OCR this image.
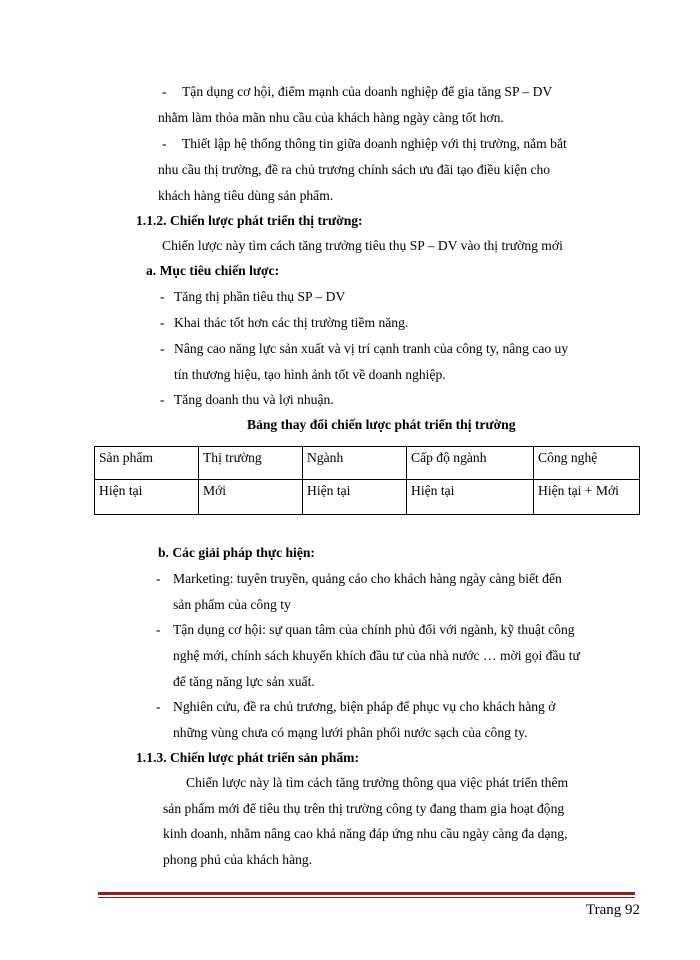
- Tận dụng cơ hội, điểm mạnh của doanh nghiệp để gia tăng SP – DV
nhằm làm thỏa mãn nhu cầu của khách hàng ngày càng tốt hơn.
- Thiết lập hệ thống thông tin giữa doanh nghiệp với thị trường, nắm bắt
nhu cầu thị trường, đề ra chủ trương chính sách ưu đãi tạo điều kiện cho
khách hàng tiêu dùng sản phẩm.
1.1.2. Chiến lược phát triển thị trường:
Chiến lược này tìm cách tăng trưởng tiêu thụ SP – DV vào thị trường mới
a. Mục tiêu chiến lược:
- Tăng thị phần tiêu thụ SP – DV
- Khai thác tốt hơn các thị trường tiềm năng.
- Nâng cao năng lực sản xuất và vị trí cạnh tranh của công ty, nâng cao uy
tín thương hiệu, tạo hình ảnh tốt về doanh nghiệp.
- Tăng doanh thu và lợi nhuận.
Bảng thay đổi chiến lược phát triển thị trường
Sản phẩm	Thị trường	Ngành	Cấp độ ngành	Công nghệ
Hiện tại	Mới	Hiện tại	Hiện tại	Hiện tại + Mới
b. Các giải pháp thực hiện:
- Marketing: tuyên truyền, quảng cáo cho khách hàng ngày càng biết đến
sản phẩm của công ty
- Tận dụng cơ hội: sự quan tâm của chính phủ đối với ngành, kỹ thuật công
nghệ mới, chính sách khuyến khích đầu tư của nhà nước … mời gọi đầu tư
để tăng năng lực sản xuất.
- Nghiên cứu, đề ra chủ trương, biện pháp để phục vụ cho khách hàng ở
những vùng chưa có mạng lưới phân phối nước sạch của công ty.
1.1.3. Chiến lược phát triển sản phẩm:
Chiến lược này là tìm cách tăng trưởng thông qua việc phát triển thêm
sản phẩm mới để tiêu thụ trên thị trường công ty đang tham gia hoạt động
kinh doanh, nhằm nâng cao khả năng đáp ứng nhu cầu ngày càng đa dạng,
phong phú của khách hàng.
Trang 92
